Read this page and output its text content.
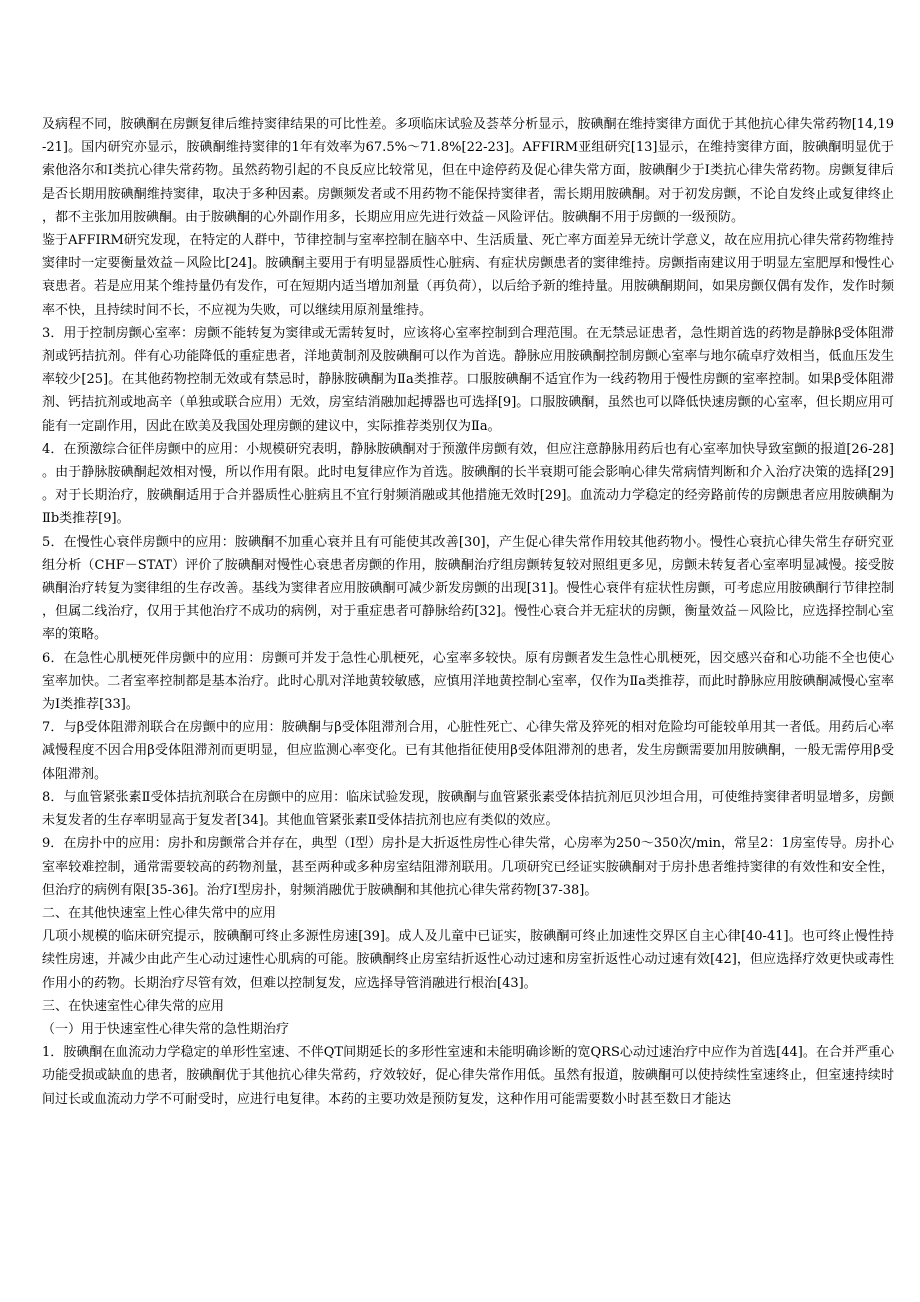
及病程不同，胺碘酮在房颤复律后维持窦律结果的可比性差。多项临床试验及荟萃分析显示，胺碘酮在维持窦律方面优于其他抗心律失常药物[14,19-21]。国内研究亦显示，胺碘酮维持窦律的1年有效率为67.5%～71.8%[22-23]。AFFIRM亚组研究[13]显示，在维持窦律方面，胺碘酮明显优于索他洛尔和Ⅰ类抗心律失常药物。虽然药物引起的不良反应比较常见，但在中途停药及促心律失常方面，胺碘酮少于Ⅰ类抗心律失常药物。房颤复律后是否长期用胺碘酮维持窦律，取决于多种因素。房颤频发者或不用药物不能保持窦律者，需长期用胺碘酮。对于初发房颤，不论自发终止或复律终止，都不主张加用胺碘酮。由于胺碘酮的心外副作用多，长期应用应先进行效益－风险评估。胺碘酮不用于房颤的一级预防。

鉴于AFFIRM研究发现，在特定的人群中，节律控制与室率控制在脑卒中、生活质量、死亡率方面差异无统计学意义，故在应用抗心律失常药物维持窦律时一定要衡量效益－风险比[24]。胺碘酮主要用于有明显器质性心脏病、有症状房颤患者的窦律维持。房颤指南建议用于明显左室肥厚和慢性心衰患者。若是应用某个维持量仍有发作，可在短期内适当增加剂量（再负荷），以后给予新的维持量。用胺碘酮期间，如果房颤仅偶有发作，发作时频率不快，且持续时间不长，不应视为失败，可以继续用原剂量维持。

3．用于控制房颤心室率：房颤不能转复为窦律或无需转复时，应该将心室率控制到合理范围。在无禁忌证患者，急性期首选的药物是静脉β受体阻滞剂或钙拮抗剂。伴有心功能降低的重症患者，洋地黄制剂及胺碘酮可以作为首选。静脉应用胺碘酮控制房颤心室率与地尔硫卓疗效相当，低血压发生率较少[25]。在其他药物控制无效或有禁忌时，静脉胺碘酮为Ⅱa类推荐。口服胺碘酮不适宜作为一线药物用于慢性房颤的室率控制。如果β受体阻滞剂、钙拮抗剂或地高辛（单独或联合应用）无效，房室结消融加起搏器也可选择[9]。口服胺碘酮，虽然也可以降低快速房颤的心室率，但长期应用可能有一定副作用，因此在欧美及我国处理房颤的建议中，实际推荐类别仅为Ⅱa。

4．在预激综合征伴房颤中的应用：小规模研究表明，静脉胺碘酮对于预激伴房颤有效，但应注意静脉用药后也有心室率加快导致室颤的报道[26-28]。由于静脉胺碘酮起效相对慢，所以作用有限。此时电复律应作为首选。胺碘酮的长半衰期可能会影响心律失常病情判断和介入治疗决策的选择[29]。对于长期治疗，胺碘酮适用于合并器质性心脏病且不宜行射频消融或其他措施无效时[29]。血流动力学稳定的经旁路前传的房颤患者应用胺碘酮为Ⅱb类推荐[9]。

5．在慢性心衰伴房颤中的应用：胺碘酮不加重心衰并且有可能使其改善[30]，产生促心律失常作用较其他药物小。慢性心衰抗心律失常生存研究亚组分析（CHF－STAT）评价了胺碘酮对慢性心衰患者房颤的作用，胺碘酮治疗组房颤转复较对照组更多见，房颤未转复者心室率明显减慢。接受胺碘酮治疗转复为窦律组的生存改善。基线为窦律者应用胺碘酮可减少新发房颤的出现[31]。慢性心衰伴有症状性房颤，可考虑应用胺碘酮行节律控制，但属二线治疗，仅用于其他治疗不成功的病例，对于重症患者可静脉给药[32]。慢性心衰合并无症状的房颤，衡量效益－风险比，应选择控制心室率的策略。

6．在急性心肌梗死伴房颤中的应用：房颤可并发于急性心肌梗死，心室率多较快。原有房颤者发生急性心肌梗死，因交感兴奋和心功能不全也使心室率加快。二者室率控制都是基本治疗。此时心肌对洋地黄较敏感，应慎用洋地黄控制心室率，仅作为Ⅱa类推荐，而此时静脉应用胺碘酮减慢心室率为Ⅰ类推荐[33]。

7．与β受体阻滞剂联合在房颤中的应用：胺碘酮与β受体阻滞剂合用，心脏性死亡、心律失常及猝死的相对危险均可能较单用其一者低。用药后心率减慢程度不因合用β受体阻滞剂而更明显，但应监测心率变化。已有其他指征使用β受体阻滞剂的患者，发生房颤需要加用胺碘酮，一般无需停用β受体阻滞剂。

8．与血管紧张素Ⅱ受体拮抗剂联合在房颤中的应用：临床试验发现，胺碘酮与血管紧张素受体拮抗剂厄贝沙坦合用，可使维持窦律者明显增多，房颤未复发者的生存率明显高于复发者[34]。其他血管紧张素Ⅱ受体拮抗剂也应有类似的效应。

9．在房扑中的应用：房扑和房颤常合并存在，典型（Ⅰ型）房扑是大折返性房性心律失常，心房率为250～350次/min，常呈2：1房室传导。房扑心室率较难控制，通常需要较高的药物剂量，甚至两种或多种房室结阻滞剂联用。几项研究已经证实胺碘酮对于房扑患者维持窦律的有效性和安全性，但治疗的病例有限[35-36]。治疗Ⅰ型房扑，射频消融优于胺碘酮和其他抗心律失常药物[37-38]。

二、在其他快速室上性心律失常中的应用

几项小规模的临床研究提示，胺碘酮可终止多源性房速[39]。成人及儿童中已证实，胺碘酮可终止加速性交界区自主心律[40-41]。也可终止慢性持续性房速，并减少由此产生心动过速性心肌病的可能。胺碘酮终止房室结折返性心动过速和房室折返性心动过速有效[42]，但应选择疗效更快或毒性作用小的药物。长期治疗尽管有效，但难以控制复发，应选择导管消融进行根治[43]。

三、在快速室性心律失常的应用

（一）用于快速室性心律失常的急性期治疗

1．胺碘酮在血流动力学稳定的单形性室速、不伴QT间期延长的多形性室速和未能明确诊断的宽QRS心动过速治疗中应作为首选[44]。在合并严重心功能受损或缺血的患者，胺碘酮优于其他抗心律失常药，疗效较好，促心律失常作用低。虽然有报道，胺碘酮可以使持续性室速终止，但室速持续时间过长或血流动力学不可耐受时，应进行电复律。本药的主要功效是预防复发，这种作用可能需要数小时甚至数日才能达
